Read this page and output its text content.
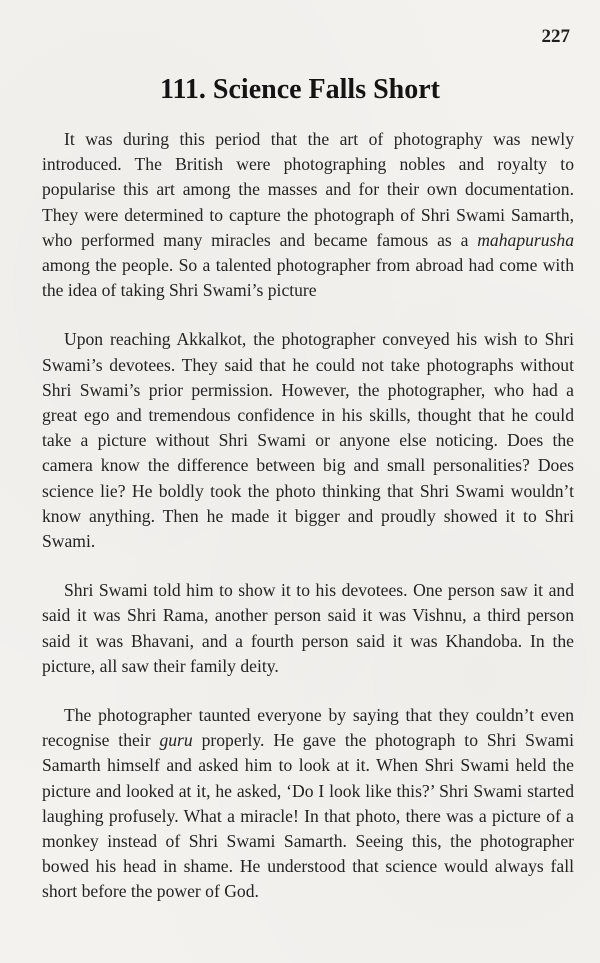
227
111. Science Falls Short

It was during this period that the art of photography was newly introduced. The British were photographing nobles and royalty to popularise this art among the masses and for their own documentation. They were determined to capture the photograph of Shri Swami Samarth, who performed many miracles and became famous as a mahapurusha among the people. So a talented photographer from abroad had come with the idea of taking Shri Swami’s picture

Upon reaching Akkalkot, the photographer conveyed his wish to Shri Swami’s devotees. They said that he could not take photographs without Shri Swami’s prior permission. However, the photographer, who had a great ego and tremendous confidence in his skills, thought that he could take a picture without Shri Swami or anyone else noticing. Does the camera know the difference between big and small personalities? Does science lie? He boldly took the photo thinking that Shri Swami wouldn’t know anything. Then he made it bigger and proudly showed it to Shri Swami.

Shri Swami told him to show it to his devotees. One person saw it and said it was Shri Rama, another person said it was Vishnu, a third person said it was Bhavani, and a fourth person said it was Khandoba. In the picture, all saw their family deity.

The photographer taunted everyone by saying that they couldn’t even recognise their guru properly. He gave the photograph to Shri Swami Samarth himself and asked him to look at it. When Shri Swami held the picture and looked at it, he asked, ‘Do I look like this?’ Shri Swami started laughing profusely. What a miracle! In that photo, there was a picture of a monkey instead of Shri Swami Samarth. Seeing this, the photographer bowed his head in shame. He understood that science would always fall short before the power of God.
